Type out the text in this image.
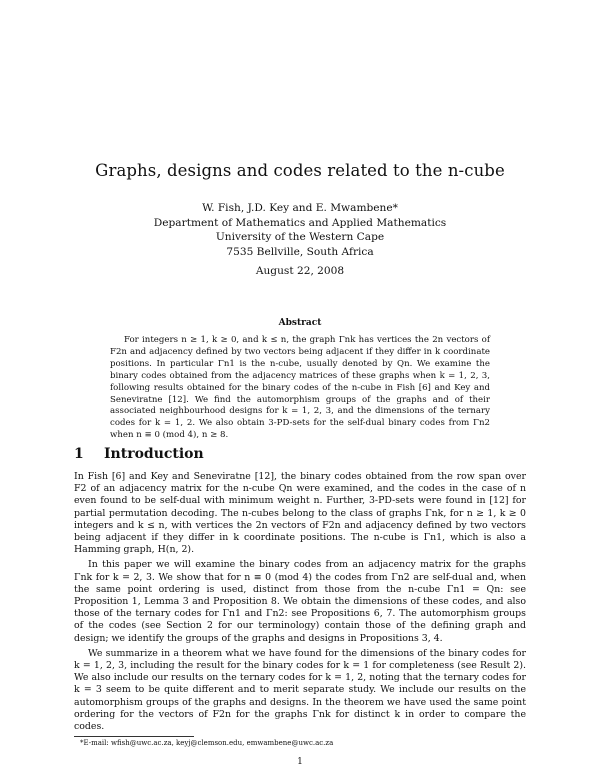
Graphs, designs and codes related to the n-cube
W. Fish, J.D. Key and E. Mwambene*
Department of Mathematics and Applied Mathematics
University of the Western Cape
7535 Bellville, South Africa
August 22, 2008
Abstract

For integers n ≥ 1, k ≥ 0, and k ≤ n, the graph Γnk has vertices the 2n vectors of F2n and adjacency defined by two vectors being adjacent if they differ in k coordinate positions. In particular Γn1 is the n-cube, usually denoted by Qn. We examine the binary codes obtained from the adjacency matrices of these graphs when k = 1, 2, 3, following results obtained for the binary codes of the n-cube in Fish [6] and Key and Seneviratne [12]. We find the automorphism groups of the graphs and of their associated neighbourhood designs for k = 1, 2, 3, and the dimensions of the ternary codes for k = 1, 2. We also obtain 3-PD-sets for the self-dual binary codes from Γn2 when n ≡ 0 (mod 4), n ≥ 8.

1 Introduction

In Fish [6] and Key and Seneviratne [12], the binary codes obtained from the row span over F2 of an adjacency matrix for the n-cube Qn were examined, and the codes in the case of n even found to be self-dual with minimum weight n. Further, 3-PD-sets were found in [12] for partial permutation decoding. The n-cubes belong to the class of graphs Γnk, for n ≥ 1, k ≥ 0 integers and k ≤ n, with vertices the 2n vectors of F2n and adjacency defined by two vectors being adjacent if they differ in k coordinate positions. The n-cube is Γn1, which is also a Hamming graph, H(n, 2).

In this paper we will examine the binary codes from an adjacency matrix for the graphs Γnk for k = 2, 3. We show that for n ≡ 0 (mod 4) the codes from Γn2 are self-dual and, when the same point ordering is used, distinct from those from the n-cube Γn1 = Qn: see Proposition 1, Lemma 3 and Proposition 8. We obtain the dimensions of these codes, and also those of the ternary codes for Γn1 and Γn2: see Propositions 6, 7. The automorphism groups of the codes (see Section 2 for our terminology) contain those of the defining graph and design; we identify the groups of the graphs and designs in Propositions 3, 4.

We summarize in a theorem what we have found for the dimensions of the binary codes for k = 1, 2, 3, including the result for the binary codes for k = 1 for completeness (see Result 2). We also include our results on the ternary codes for k = 1, 2, noting that the ternary codes for k = 3 seem to be quite different and to merit separate study. We include our results on the automorphism groups of the graphs and designs. In the theorem we have used the same point ordering for the vectors of F2n for the graphs Γnk for distinct k in order to compare the codes.

*E-mail: wfish@uwc.ac.za, keyj@clemson.edu, emwambene@uwc.ac.za
1
